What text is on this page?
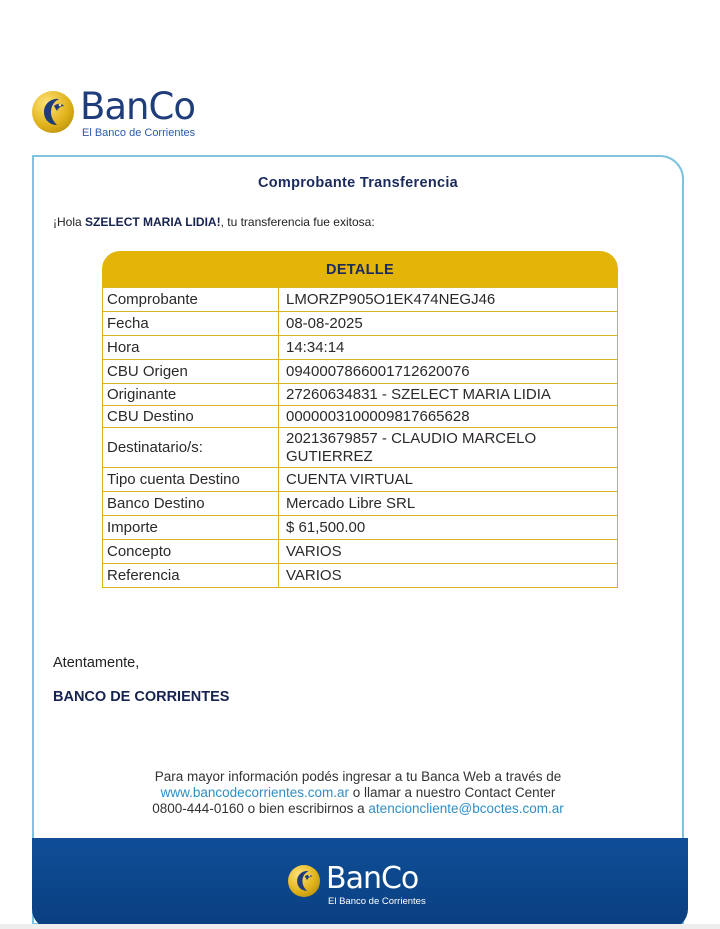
BanCo
El Banco de Corrientes
Comprobante Transferencia
¡Hola SZELECT MARIA LIDIA!, tu transferencia fue exitosa:
DETALLE
Comprobante	LMORZP905O1EK474NEGJ46
Fecha	08-08-2025
Hora	14:34:14
CBU Origen	0940007866001712620076
Originante	27260634831 - SZELECT MARIA LIDIA
CBU Destino	0000003100009817665628
Destinatario/s:	20213679857 - CLAUDIO MARCELO GUTIERREZ
Tipo cuenta Destino	CUENTA VIRTUAL
Banco Destino	Mercado Libre SRL
Importe	$ 61,500.00
Concepto	VARIOS
Referencia	VARIOS
Atentamente,
BANCO DE CORRIENTES
Para mayor información podés ingresar a tu Banca Web a través de
www.bancodecorrientes.com.ar o llamar a nuestro Contact Center
0800-444-0160 o bien escribirnos a atencioncliente@bcoctes.com.ar
BanCo
El Banco de Corrientes
